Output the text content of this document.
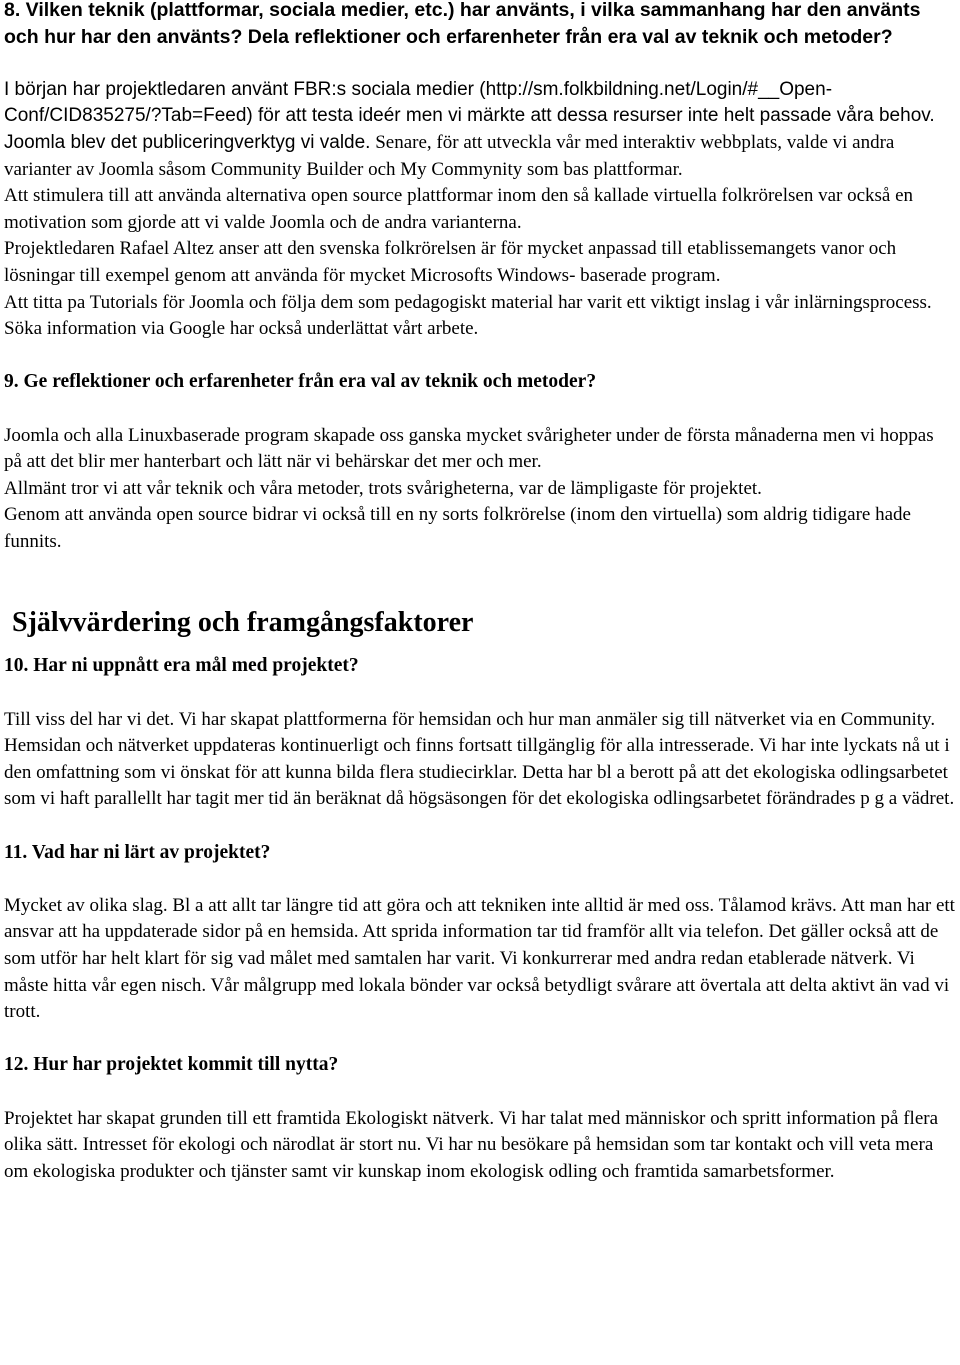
8. Vilken teknik (plattformar, sociala medier, etc.) har använts, i vilka sammanhang har den använts och hur har den använts? Dela reflektioner och erfarenheter från era val av teknik och metoder?

I början har projektledaren använt FBR:s sociala medier (http://sm.folkbildning.net/Login/#__Open-Conf/CID835275/?Tab=Feed) för att testa ideér men vi märkte att dessa resurser inte helt passade våra behov. Joomla blev det publiceringverktyg vi valde. Senare, för att utveckla vår med interaktiv webbplats, valde vi andra varianter av Joomla såsom Community Builder och My Commynity som bas plattformar.

Att stimulera till att använda alternativa open source plattformar inom den så kallade virtuella folkrörelsen var också en motivation som gjorde att vi valde Joomla och de andra varianterna.

Projektledaren Rafael Altez anser att den svenska folkrörelsen är för mycket anpassad till etablissemangets vanor och lösningar till exempel genom att använda för mycket Microsofts Windows- baserade program.

Att titta pa Tutorials för Joomla och följa dem som pedagogiskt material har varit ett viktigt inslag i vår inlärningsprocess. Söka information via Google har också underlättat vårt arbete.

9. Ge reflektioner och erfarenheter från era val av teknik och metoder?

Joomla och alla Linuxbaserade program skapade oss ganska mycket svårigheter under de första månaderna men vi hoppas på att det blir mer hanterbart och lätt när vi behärskar det mer och mer.

Allmänt tror vi att vår teknik och våra metoder, trots svårigheterna, var de lämpligaste för projektet.

Genom att använda open source bidrar vi också till en ny sorts folkrörelse (inom den virtuella) som aldrig tidigare hade funnits.

Självvärdering och framgångsfaktorer

10. Har ni uppnått era mål med projektet?

Till viss del har vi det. Vi har skapat plattformerna för hemsidan och hur man anmäler sig till nätverket via en Community. Hemsidan och nätverket uppdateras kontinuerligt och finns fortsatt tillgänglig för alla intresserade. Vi har inte lyckats nå ut i den omfattning som vi önskat för att kunna bilda flera studiecirklar. Detta har bl a berott på att det ekologiska odlingsarbetet som vi haft parallellt har tagit mer tid än beräknat då högsäsongen för det ekologiska odlingsarbetet förändrades p g a vädret.

11. Vad har ni lärt av projektet?

Mycket av olika slag. Bl a att allt tar längre tid att göra och att tekniken inte alltid är med oss. Tålamod krävs. Att man har ett ansvar att ha uppdaterade sidor på en hemsida. Att sprida information tar tid framför allt via telefon. Det gäller också att de som utför har helt klart för sig vad målet med samtalen har varit. Vi konkurrerar med andra redan etablerade nätverk. Vi måste hitta vår egen nisch. Vår målgrupp med lokala bönder var också betydligt svårare att övertala att delta aktivt än vad vi trott.

12. Hur har projektet kommit till nytta?

Projektet har skapat grunden till ett framtida Ekologiskt nätverk. Vi har talat med människor och spritt information på flera olika sätt. Intresset för ekologi och närodlat är stort nu. Vi har nu besökare på hemsidan som tar kontakt och vill veta mera om ekologiska produkter och tjänster samt vir kunskap inom ekologisk odling och framtida samarbetsformer.
